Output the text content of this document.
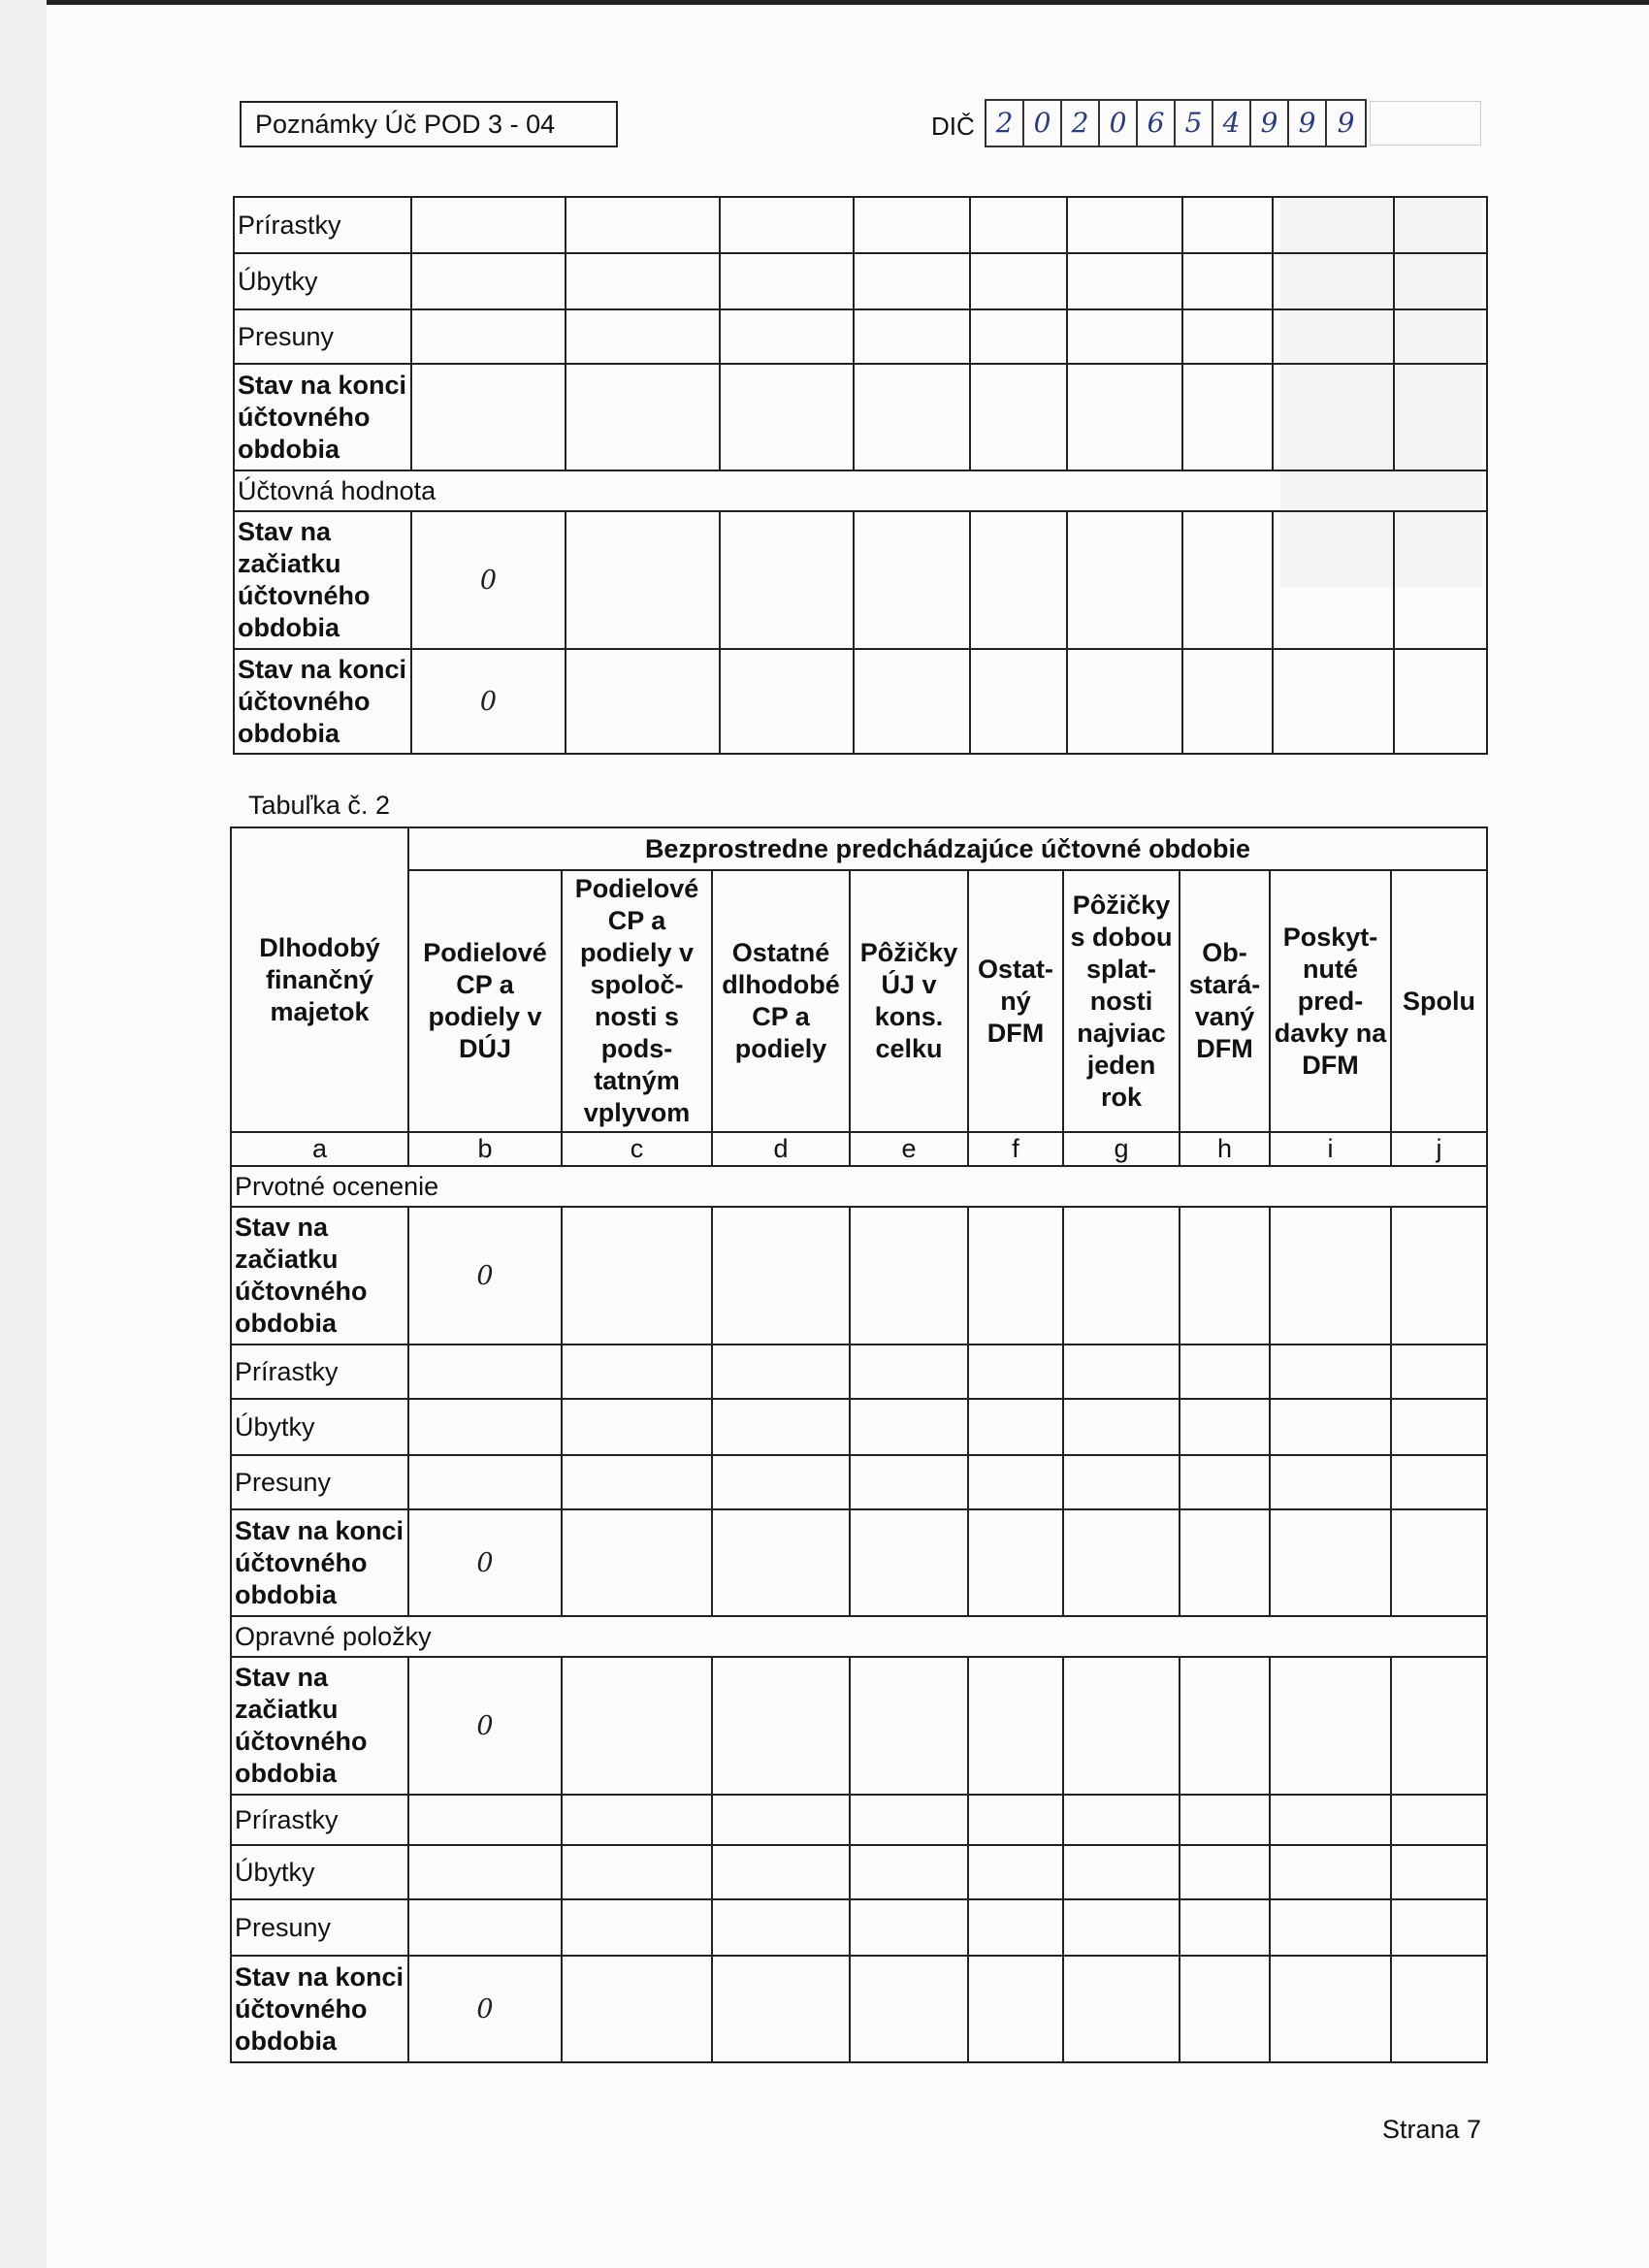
Poznámky Úč POD 3 - 04	DIČ 2 0 2 0 6 5 4 9 9 9
Prírastky									
Úbytky									
Presuny									
Stav na konci účtovného obdobia									
Účtovná hodnota									
Stav na začiatku účtovného obdobia	0								
Stav na konci účtovného obdobia	0								
Tabuľka č. 2
Dlhodobý finančný majetok	Bezprostredne predchádzajúce účtovné obdobie								
	Podielové CP a podiely v DÚJ	Podielové CP a podiely v spoloč-nosti s pods-tatným vplyvom	Ostatné dlhodobé CP a podiely	Pôžičky ÚJ v kons. celku	Ostat-ný DFM	Pôžičky s dobou splat-nosti najviac jeden rok	Ob-stará-vaný DFM	Poskyt-nuté pred-davky na DFM	Spolu
a	b	c	d	e	f	g	h	i	j
Prvotné ocenenie									
Stav na začiatku účtovného obdobia	0								
Prírastky									
Úbytky									
Presuny									
Stav na konci účtovného obdobia	0								
Opravné položky									
Stav na začiatku účtovného obdobia	0								
Prírastky									
Úbytky									
Presuny									
Stav na konci účtovného obdobia	0								
Strana 7
